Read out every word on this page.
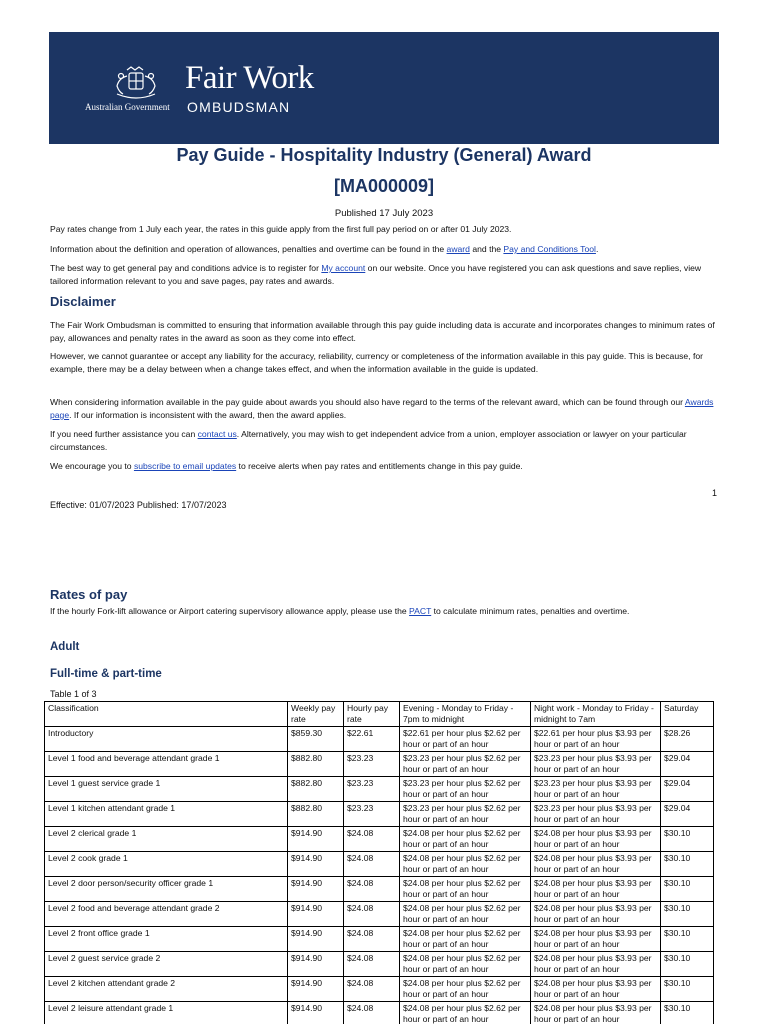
Australian Government
Fair Work
OMBUDSMAN
Pay Guide - Hospitality Industry (General) Award
[MA000009]
Published 17 July 2023
Pay rates change from 1 July each year, the rates in this guide apply from the first full pay period on or after 01 July 2023.
Information about the definition and operation of allowances, penalties and overtime can be found in the award and the Pay and Conditions Tool.
The best way to get general pay and conditions advice is to register for My account on our website. Once you have registered you can ask questions and save replies, view tailored information relevant to you and save pages, pay rates and awards.
Disclaimer
The Fair Work Ombudsman is committed to ensuring that information available through this pay guide including data is accurate and incorporates changes to minimum rates of pay, allowances and penalty rates in the award as soon as they come into effect.
However, we cannot guarantee or accept any liability for the accuracy, reliability, currency or completeness of the information available in this pay guide. This is because, for example, there may be a delay between when a change takes effect, and when the information available in the guide is updated.
When considering information available in the pay guide about awards you should also have regard to the terms of the relevant award, which can be found through our Awards page. If our information is inconsistent with the award, then the award applies.
If you need further assistance you can contact us. Alternatively, you may wish to get independent advice from a union, employer association or lawyer on your particular circumstances.
We encourage you to subscribe to email updates to receive alerts when pay rates and entitlements change in this pay guide.
1
Effective: 01/07/2023 Published: 17/07/2023
Rates of pay
If the hourly Fork-lift allowance or Airport catering supervisory allowance apply, please use the PACT to calculate minimum rates, penalties and overtime.
Adult
Full-time & part-time
Table 1 of 3
Classification	Weekly pay rate	Hourly pay rate	Evening - Monday to Friday - 7pm to midnight	Night work - Monday to Friday - midnight to 7am	Saturday
Introductory	$859.30	$22.61	$22.61 per hour plus $2.62 per hour or part of an hour	$22.61 per hour plus $3.93 per hour or part of an hour	$28.26
Level 1 food and beverage attendant grade 1	$882.80	$23.23	$23.23 per hour plus $2.62 per hour or part of an hour	$23.23 per hour plus $3.93 per hour or part of an hour	$29.04
Level 1 guest service grade 1	$882.80	$23.23	$23.23 per hour plus $2.62 per hour or part of an hour	$23.23 per hour plus $3.93 per hour or part of an hour	$29.04
Level 1 kitchen attendant grade 1	$882.80	$23.23	$23.23 per hour plus $2.62 per hour or part of an hour	$23.23 per hour plus $3.93 per hour or part of an hour	$29.04
Level 2 clerical grade 1	$914.90	$24.08	$24.08 per hour plus $2.62 per hour or part of an hour	$24.08 per hour plus $3.93 per hour or part of an hour	$30.10
Level 2 cook grade 1	$914.90	$24.08	$24.08 per hour plus $2.62 per hour or part of an hour	$24.08 per hour plus $3.93 per hour or part of an hour	$30.10
Level 2 door person/security officer grade 1	$914.90	$24.08	$24.08 per hour plus $2.62 per hour or part of an hour	$24.08 per hour plus $3.93 per hour or part of an hour	$30.10
Level 2 food and beverage attendant grade 2	$914.90	$24.08	$24.08 per hour plus $2.62 per hour or part of an hour	$24.08 per hour plus $3.93 per hour or part of an hour	$30.10
Level 2 front office grade 1	$914.90	$24.08	$24.08 per hour plus $2.62 per hour or part of an hour	$24.08 per hour plus $3.93 per hour or part of an hour	$30.10
Level 2 guest service grade 2	$914.90	$24.08	$24.08 per hour plus $2.62 per hour or part of an hour	$24.08 per hour plus $3.93 per hour or part of an hour	$30.10
Level 2 kitchen attendant grade 2	$914.90	$24.08	$24.08 per hour plus $2.62 per hour or part of an hour	$24.08 per hour plus $3.93 per hour or part of an hour	$30.10
Level 2 leisure attendant grade 1	$914.90	$24.08	$24.08 per hour plus $2.62 per hour or part of an hour	$24.08 per hour plus $3.93 per hour or part of an hour	$30.10
